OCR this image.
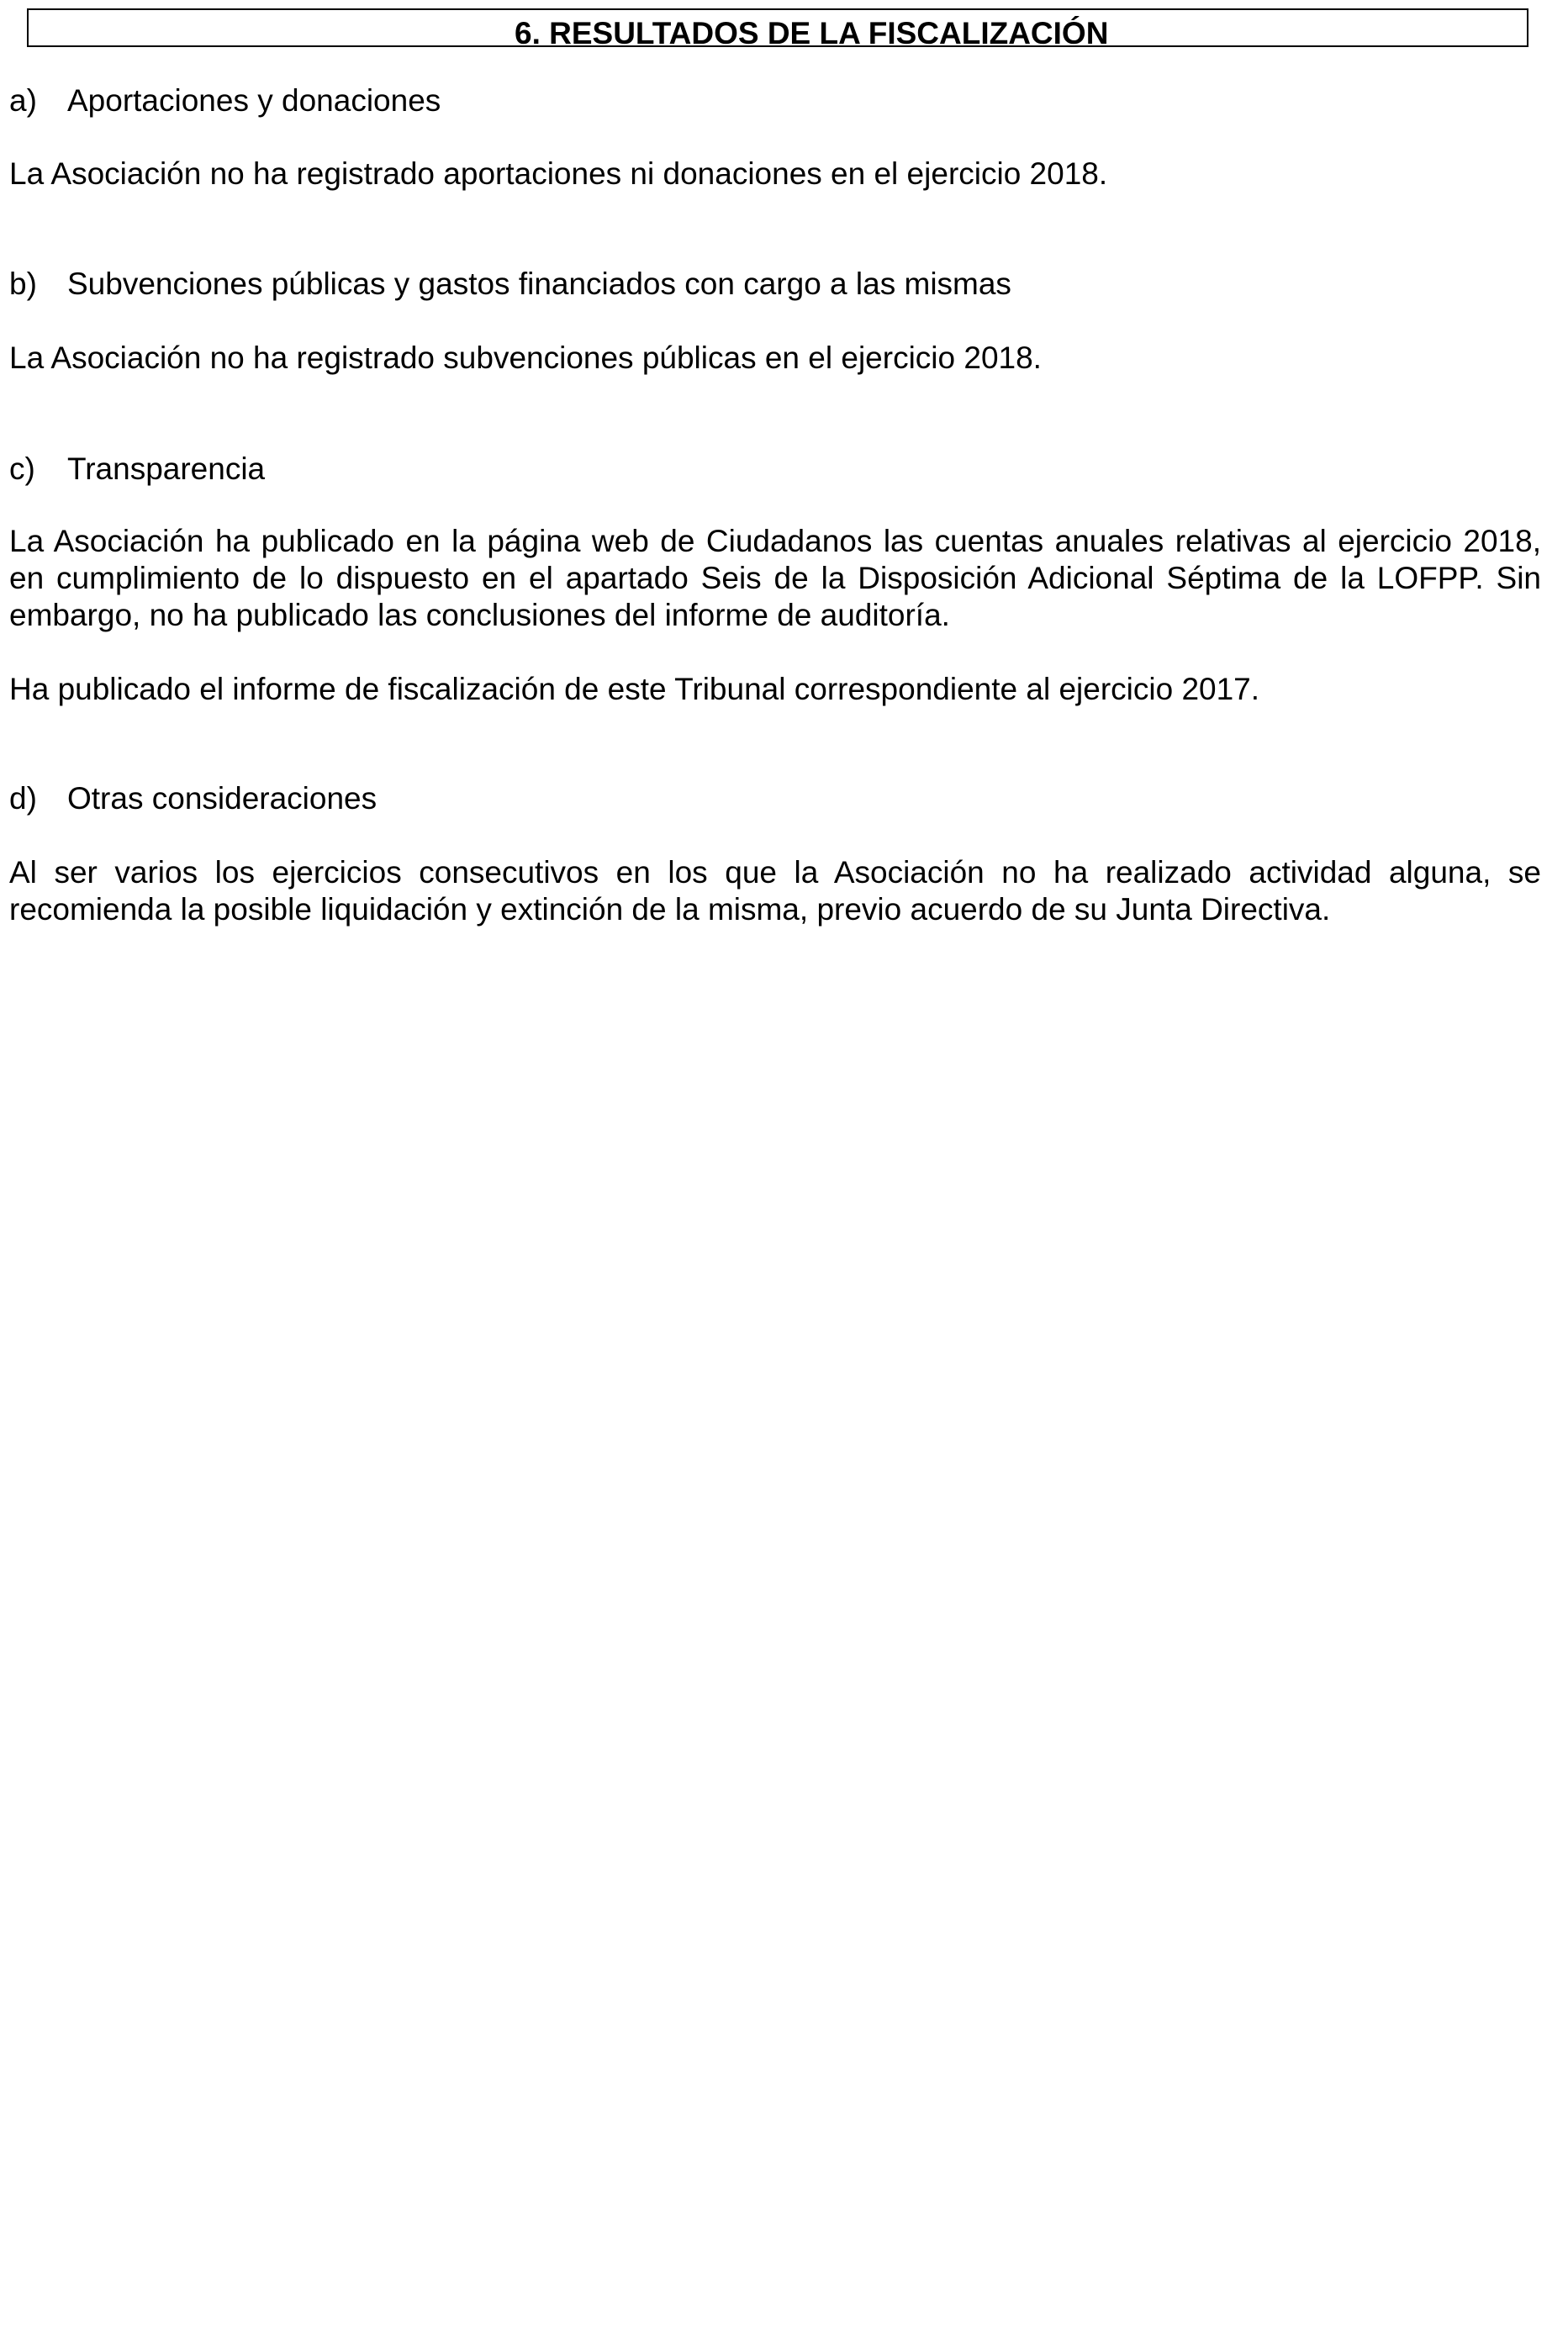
6. RESULTADOS DE LA FISCALIZACIÓN
a) Aportaciones y donaciones
La Asociación no ha registrado aportaciones ni donaciones en el ejercicio 2018.
b) Subvenciones públicas y gastos financiados con cargo a las mismas
La Asociación no ha registrado subvenciones públicas en el ejercicio 2018.
c) Transparencia
La Asociación ha publicado en la página web de Ciudadanos las cuentas anuales relativas al ejercicio 2018, en cumplimiento de lo dispuesto en el apartado Seis de la Disposición Adicional Séptima de la LOFPP. Sin embargo, no ha publicado las conclusiones del informe de auditoría.
Ha publicado el informe de fiscalización de este Tribunal correspondiente al ejercicio 2017.
d) Otras consideraciones
Al ser varios los ejercicios consecutivos en los que la Asociación no ha realizado actividad alguna, se recomienda la posible liquidación y extinción de la misma, previo acuerdo de su Junta Directiva.
